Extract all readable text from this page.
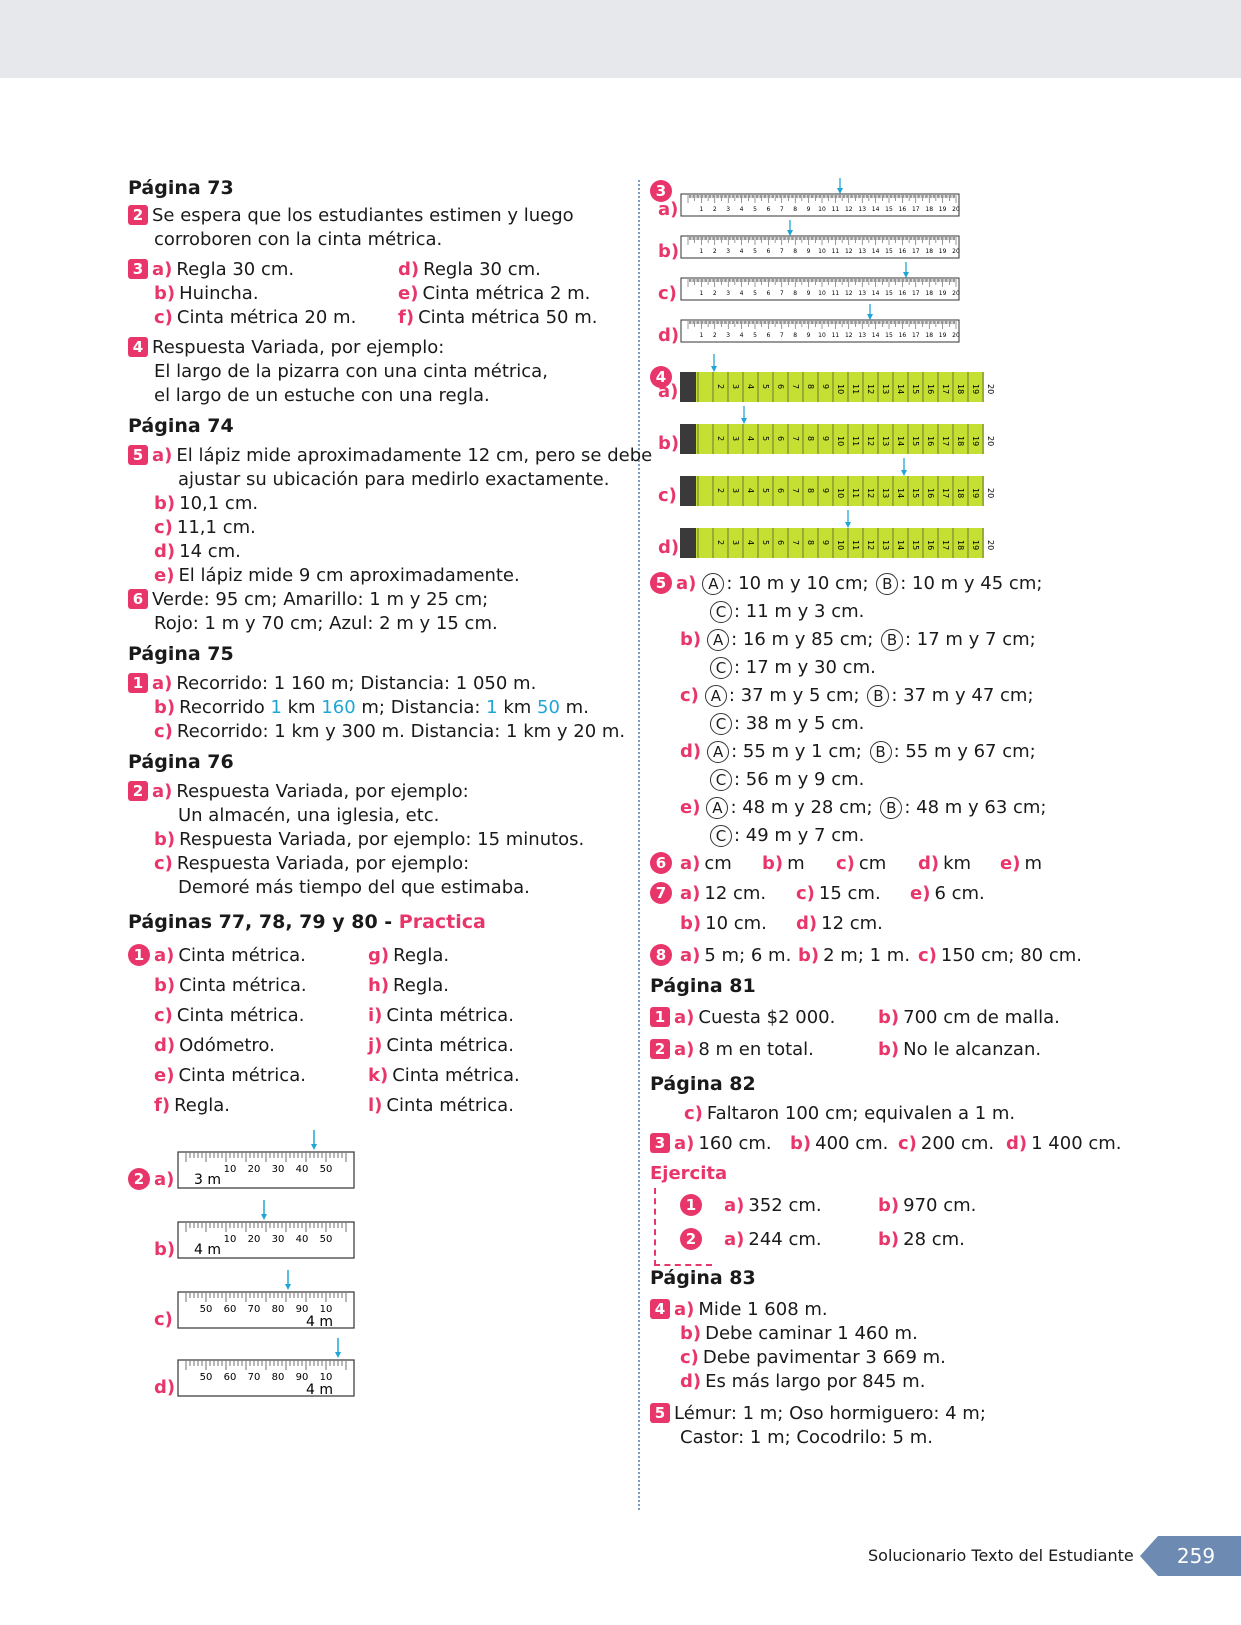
Página 73
2 Se espera que los estudiantes estimen y luego
corroboren con la cinta métrica.
3 a) Regla 30 cm.	d) Regla 30 cm.
b) Huincha.	e) Cinta métrica 2 m.
c) Cinta métrica 20 m. f) Cinta métrica 50 m.
4 Respuesta Variada, por ejemplo:
El largo de la pizarra con una cinta métrica,
el largo de un estuche con una regla.
Página 74
5 a) El lápiz mide aproximadamente 12 cm, pero se debe
ajustar su ubicación para medirlo exactamente.
b) 10,1 cm.
c) 11,1 cm.
d) 14 cm.
e) El lápiz mide 9 cm aproximadamente.
6 Verde: 95 cm; Amarillo: 1 m y 25 cm;
Rojo: 1 m y 70 cm; Azul: 2 m y 15 cm.
Página 75
1 a) Recorrido: 1 160 m; Distancia: 1 050 m.
b) Recorrido 1 km 160 m; Distancia: 1 km 50 m.
c) Recorrido: 1 km y 300 m. Distancia: 1 km y 20 m.
Página 76
2 a) Respuesta Variada, por ejemplo:
Un almacén, una iglesia, etc.
b) Respuesta Variada, por ejemplo: 15 minutos.
c) Respuesta Variada, por ejemplo:
Demoré más tiempo del que estimaba.
Páginas 77, 78, 79 y 80 - Practica
1 a) Cinta métrica.	g) Regla.
b) Cinta métrica.	h) Regla.
c) Cinta métrica.	i) Cinta métrica.
d) Odómetro.	j) Cinta métrica.
e) Cinta métrica.	k) Cinta métrica.
f) Regla.	l) Cinta métrica.
2 a)	10 20 30 40 50
3 m
b)	10 20 30 40 50
4 m
c)	50 60 70 80 90 10
4 m
d)	50 60 70 80 90 10
4 m
3
a)	1 2 3 4 5 6 7 8 9 10 11 12 13 14 15 16 17 18 19 20
b)	1 2 3 4 5 6 7 8 9 10 11 12 13 14 15 16 17 18 19 20
c)	1 2 3 4 5 6 7 8 9 10 11 12 13 14 15 16 17 18 19 20
d)	1 2 3 4 5 6 7 8 9 10 11 12 13 14 15 16 17 18 19 20
4
a)	2 3 4 5 6 7 8 9 10 11 12 13 14 15 16 17 18 19 20
b)	2 3 4 5 6 7 8 9 10 11 12 13 14 15 16 17 18 19 20
c)	2 3 4 5 6 7 8 9 10 11 12 13 14 15 16 17 18 19 20
d)	2 3 4 5 6 7 8 9 10 11 12 13 14 15 16 17 18 19 20
5 a) A : 10 m y 10 cm; B : 10 m y 45 cm;
C : 11 m y 3 cm.
b) A : 16 m y 85 cm; B : 17 m y 7 cm;
C : 17 m y 30 cm.
c) A : 37 m y 5 cm; B : 37 m y 47 cm;
C : 38 m y 5 cm.
d) A : 55 m y 1 cm; B : 55 m y 67 cm;
C : 56 m y 9 cm.
e) A : 48 m y 28 cm; B : 48 m y 63 cm;
C : 49 m y 7 cm.
6 a) cm b) m c) cm d) km e) m
7 a) 12 cm. c) 15 cm. e) 6 cm.
b) 10 cm. d) 12 cm.
8 a) 5 m; 6 m. b) 2 m; 1 m. c) 150 cm; 80 cm.
Página 81
1 a) Cuesta $2 000. b) 700 cm de malla.
2 a) 8 m en total.	b) No le alcanzan.
Página 82
c) Faltaron 100 cm; equivalen a 1 m.
3 a) 160 cm. b) 400 cm. c) 200 cm. d) 1 400 cm.
Ejercita
1	a) 352 cm.	b) 970 cm.
2	a) 244 cm.	b) 28 cm.
Página 83
4 a) Mide 1 608 m.
b) Debe caminar 1 460 m.
c) Debe pavimentar 3 669 m.
d) Es más largo por 845 m.
5 Lémur: 1 m; Oso hormiguero: 4 m;
Castor: 1 m; Cocodrilo: 5 m.
Solucionario Texto del Estudiante 259
